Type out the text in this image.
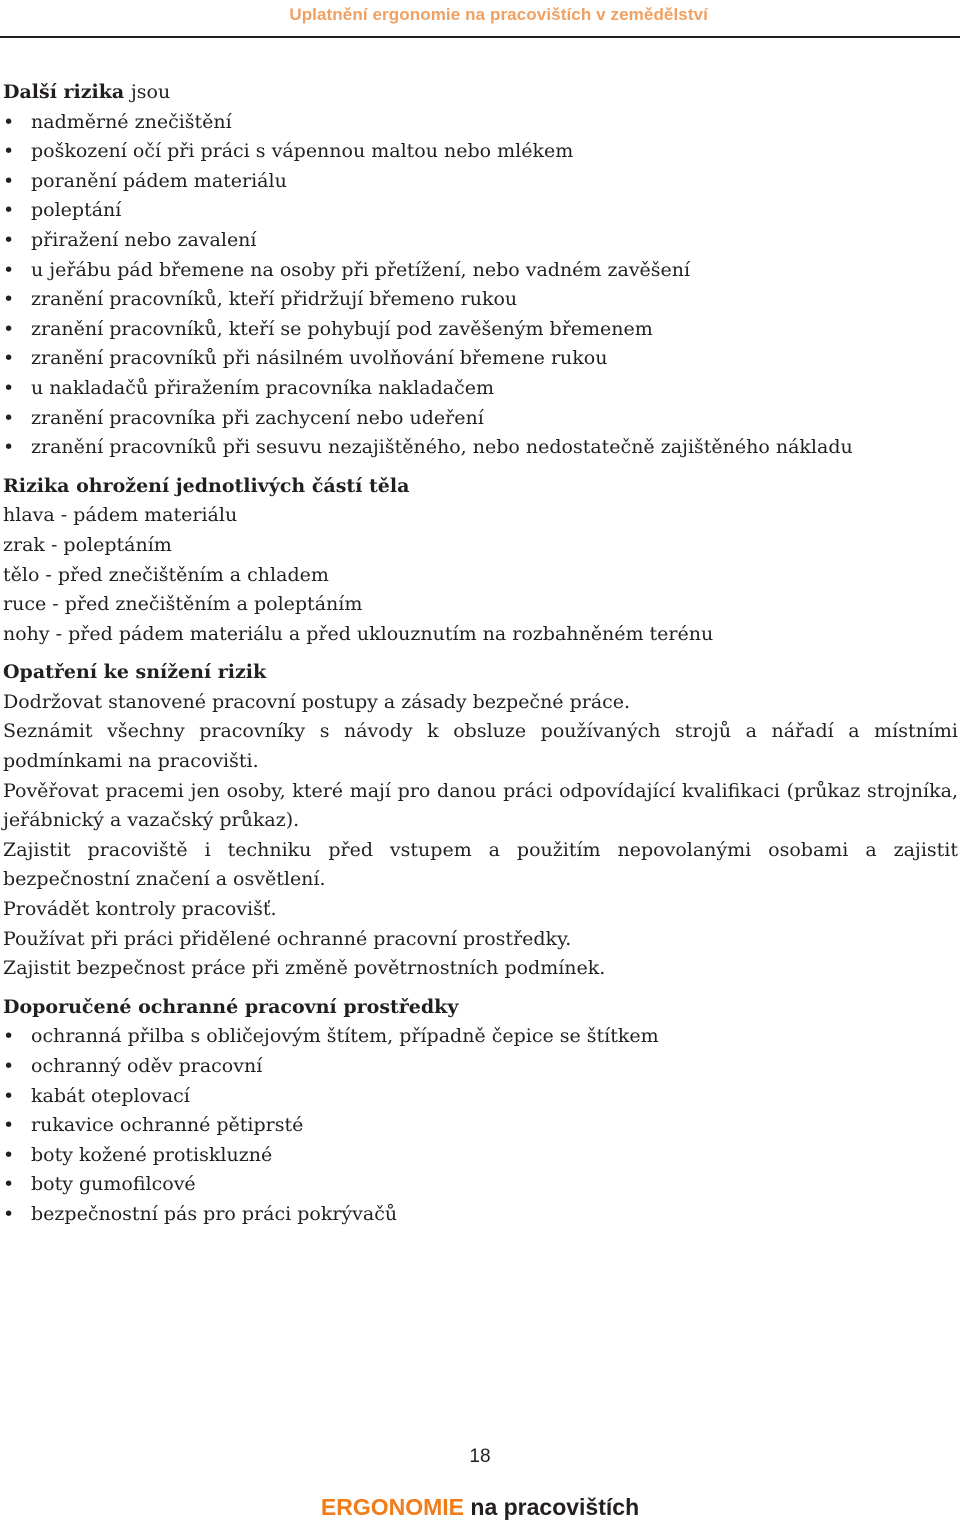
Uplatnění ergonomie na pracovištích v zemědělství

Další rizika jsou

• nadměrné znečištění
• poškození očí při práci s vápennou maltou nebo mlékem
• poranění pádem materiálu
• poleptání
• přiražení nebo zavalení
• u jeřábu pád břemene na osoby při přetížení, nebo vadném zavěšení
• zranění pracovníků, kteří přidržují břemeno rukou
• zranění pracovníků, kteří se pohybují pod zavěšeným břemenem
• zranění pracovníků při násilném uvolňování břemene rukou
• u nakladačů přiražením pracovníka nakladačem
• zranění pracovníka při zachycení nebo udeření
• zranění pracovníků při sesuvu nezajištěného, nebo nedostatečně zajištěného nákladu

Rizika ohrožení jednotlivých částí těla

hlava - pádem materiálu

zrak - poleptáním

tělo - před znečištěním a chladem

ruce - před znečištěním a poleptáním

nohy - před pádem materiálu a před uklouznutím na rozbahněném terénu

Opatření ke snížení rizik

Dodržovat stanovené pracovní postupy a zásady bezpečné práce.

Seznámit všechny pracovníky s návody k obsluze používaných strojů a nářadí a místními podmínkami na pracovišti.

Pověřovat pracemi jen osoby, které mají pro danou práci odpovídající kvalifikaci (průkaz strojníka, jeřábnický a vazačský průkaz).

Zajistit pracoviště i techniku před vstupem a použitím nepovolanými osobami a zajistit bezpečnostní značení a osvětlení.

Provádět kontroly pracovišť.

Používat při práci přidělené ochranné pracovní prostředky.

Zajistit bezpečnost práce při změně povětrnostních podmínek.

Doporučené ochranné pracovní prostředky

• ochranná přilba s obličejovým štítem, případně čepice se štítkem
• ochranný oděv pracovní
• kabát oteplovací
• rukavice ochranné pětiprsté
• boty kožené protiskluzné
• boty gumofilcové
• bezpečnostní pás pro práci pokrývačů
18
ERGONOMIE na pracovištích
